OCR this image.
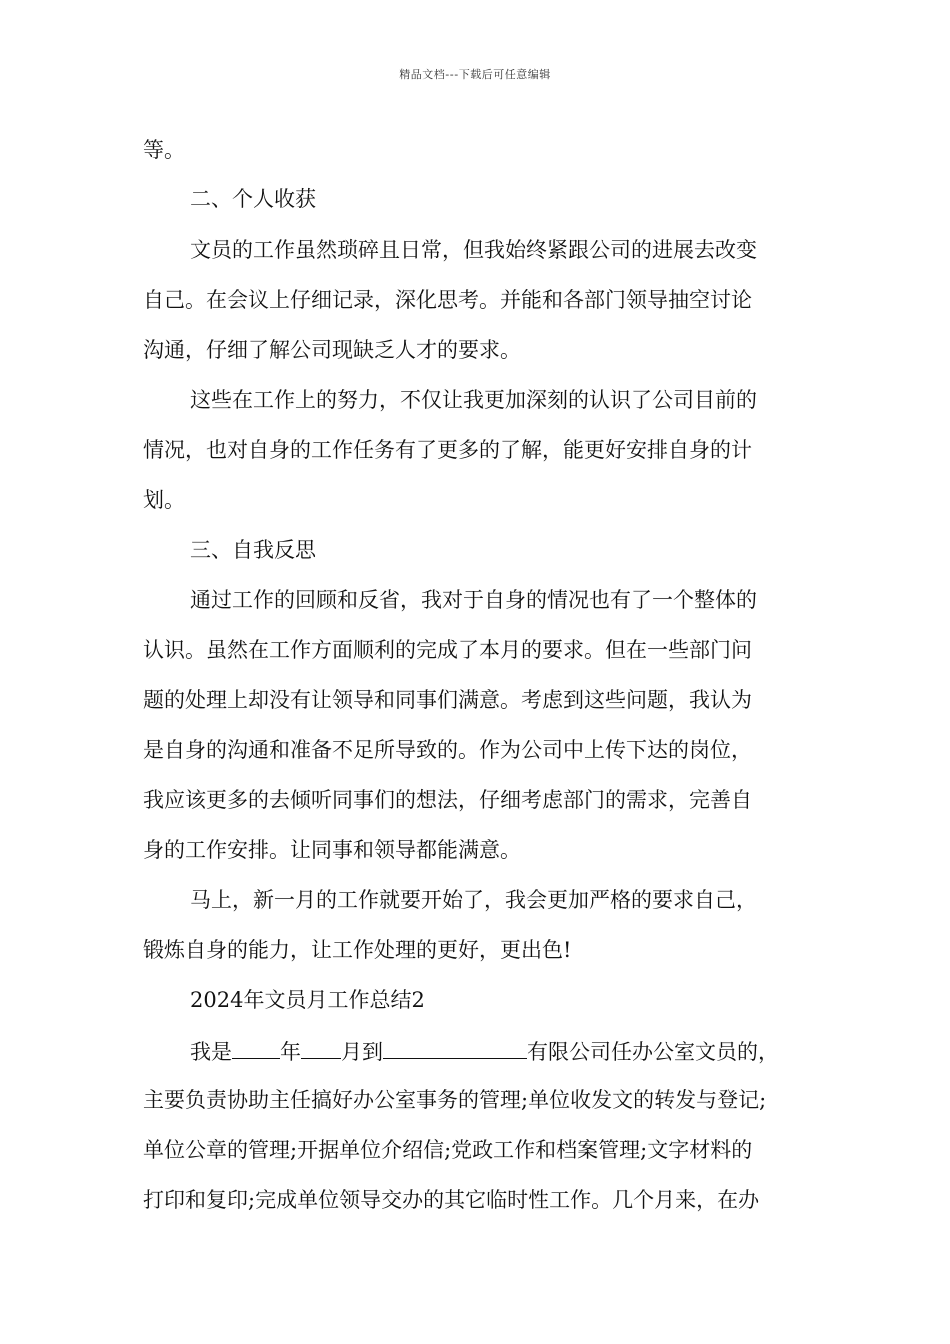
精品文档---下载后可任意编辑
等。
二、个人收获
文员的工作虽然琐碎且日常，但我始终紧跟公司的进展去改变
自己。在会议上仔细记录，深化思考。并能和各部门领导抽空讨论
沟通，仔细了解公司现缺乏人才的要求。
这些在工作上的努力，不仅让我更加深刻的认识了公司目前的
情况，也对自身的工作任务有了更多的了解，能更好安排自身的计
划。
三、自我反思
通过工作的回顾和反省，我对于自身的情况也有了一个整体的
认识。虽然在工作方面顺利的完成了本月的要求。但在一些部门问
题的处理上却没有让领导和同事们满意。考虑到这些问题，我认为
是自身的沟通和准备不足所导致的。作为公司中上传下达的岗位，
我应该更多的去倾听同事们的想法，仔细考虑部门的需求，完善自
身的工作安排。让同事和领导都能满意。
马上，新一月的工作就要开始了，我会更加严格的要求自己，
锻炼自身的能力，让工作处理的更好，更出色!
2024年文员月工作总结2
我是 年 月到	有限公司任办公室文员的，
主要负责协助主任搞好办公室事务的管理;单位收发文的转发与登记;
单位公章的管理;开据单位介绍信;党政工作和档案管理;文字材料的
打印和复印;完成单位领导交办的其它临时性工作。几个月来，在办
